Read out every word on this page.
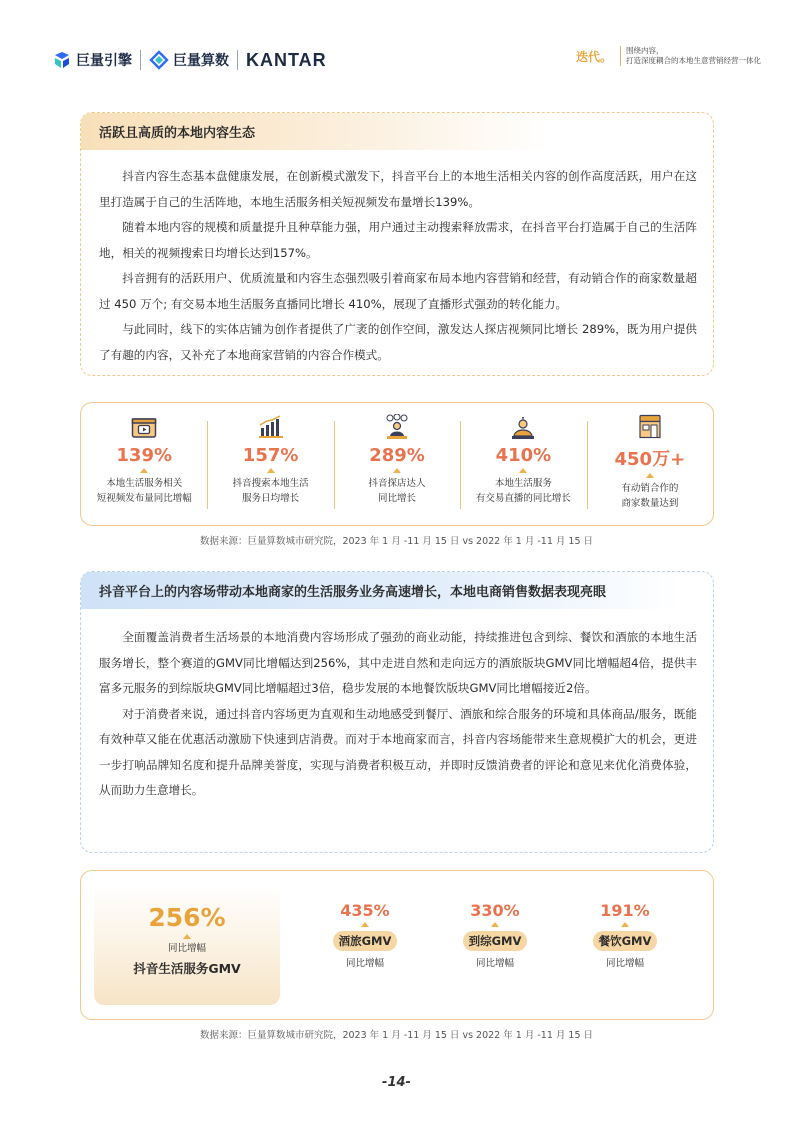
巨量引擎	巨量算数 KANTAR	迭代。 围绕内容，
打造深度耦合的本地生意营销经营一体化
活跃且高质的本地内容生态

抖音内容生态基本盘健康发展，在创新模式激发下，抖音平台上的本地生活相关内容的创作高度活跃，用户在这里打造属于自己的生活阵地，本地生活服务相关短视频发布量增长139%。

随着本地内容的规模和质量提升且种草能力强，用户通过主动搜索释放需求，在抖音平台打造属于自己的生活阵地，相关的视频搜索日均增长达到157%。

抖音拥有的活跃用户、优质流量和内容生态强烈吸引着商家布局本地内容营销和经营，有动销合作的商家数量超过 450 万个; 有交易本地生活服务直播同比增长 410%，展现了直播形式强劲的转化能力。

与此同时，线下的实体店铺为创作者提供了广袤的创作空间，激发达人探店视频同比增长 289%，既为用户提供了有趣的内容，又补充了本地商家营销的内容合作模式。

139%
本地生活服务相关
短视频发布量同比增幅
157%
抖音搜索本地生活
服务日均增长
289%
抖音探店达人
同比增长
410%
本地生活服务
有交易直播的同比增长
450万+
有动销合作的
商家数量达到
数据来源：巨量算数城市研究院，2023 年 1 月 -11 月 15 日 vs 2022 年 1 月 -11 月 15 日
抖音平台上的内容场带动本地商家的生活服务业务高速增长，本地电商销售数据表现亮眼

全面覆盖消费者生活场景的本地消费内容场形成了强劲的商业动能，持续推进包含到综、餐饮和酒旅的本地生活服务增长，整个赛道的GMV同比增幅达到256%，其中走进自然和走向远方的酒旅版块GMV同比增幅超4倍，提供丰富多元服务的到综版块GMV同比增幅超过3倍，稳步发展的本地餐饮版块GMV同比增幅接近2倍。

对于消费者来说，通过抖音内容场更为直观和生动地感受到餐厅、酒旅和综合服务的环境和具体商品/服务，既能有效种草又能在优惠活动激励下快速到店消费。而对于本地商家而言，抖音内容场能带来生意规模扩大的机会，更进一步打响品牌知名度和提升品牌美誉度，实现与消费者积极互动，并即时反馈消费者的评论和意见来优化消费体验，从而助力生意增长。

256%
同比增幅
抖音生活服务GMV
435%
酒旅GMV
同比增幅
330%
到综GMV
同比增幅
191%
餐饮GMV
同比增幅
数据来源：巨量算数城市研究院，2023 年 1 月 -11 月 15 日 vs 2022 年 1 月 -11 月 15 日
-14-
